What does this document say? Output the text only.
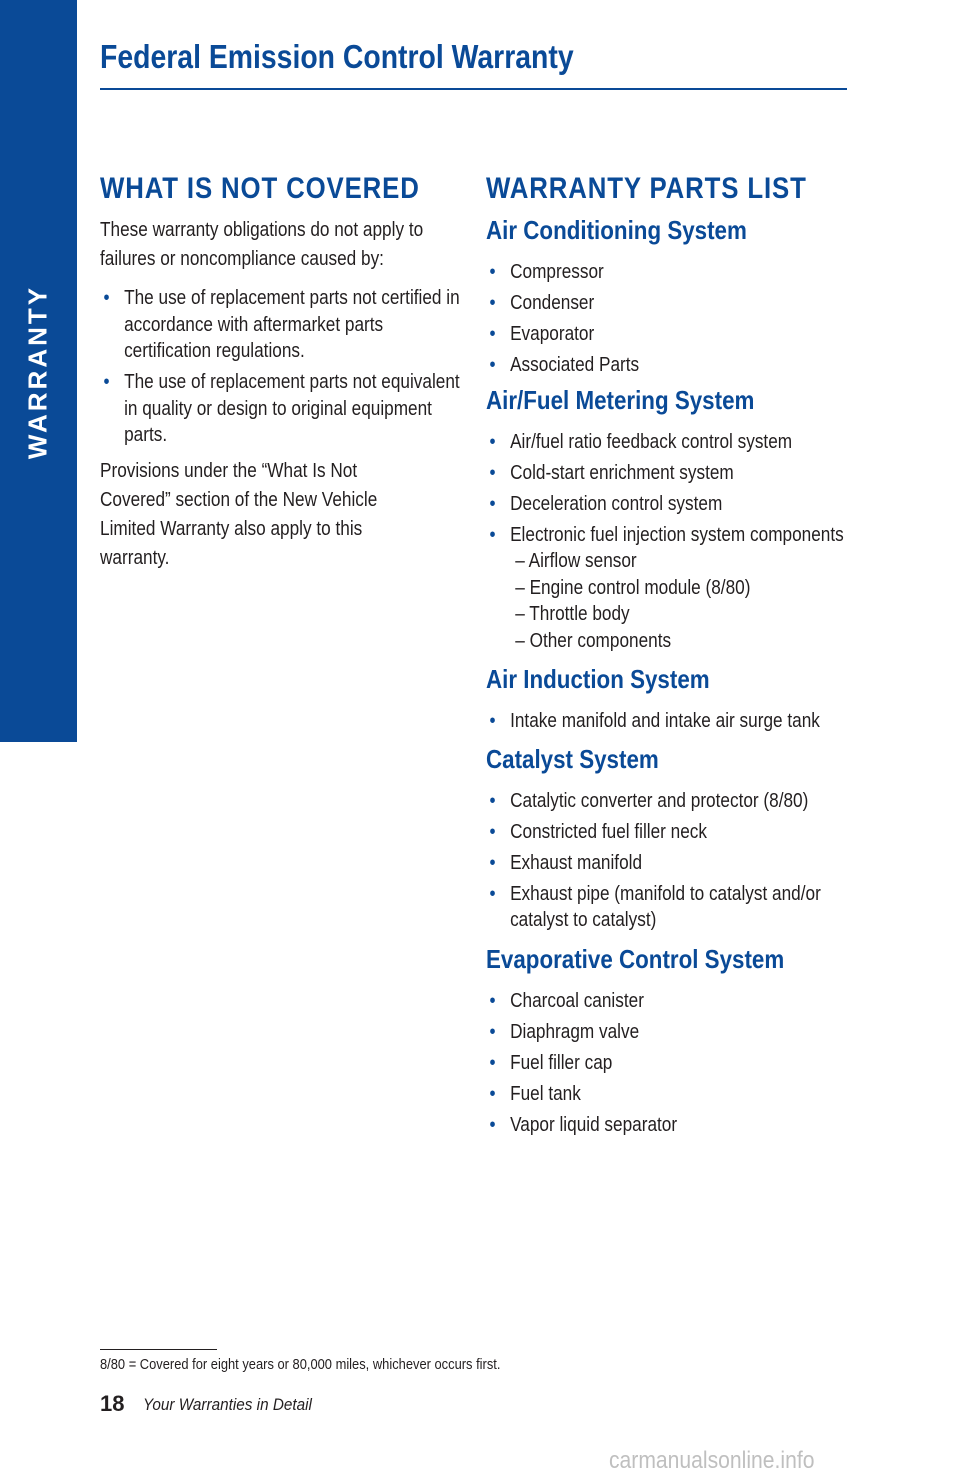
WARRANTY
Federal Emission Control Warranty
WHAT IS NOT COVERED

These warranty obligations do not apply to failures or noncompliance caused by:

• The use of replacement parts not certified in accordance with aftermarket parts certification regulations.
• The use of replacement parts not equivalent in quality or design to original equipment parts.

Provisions under the “What Is Not Covered” section of the New Vehicle Limited Warranty also apply to this warranty.

WARRANTY PARTS LIST
Air Conditioning System
• Compressor
• Condenser
• Evaporator
• Associated Parts
Air/Fuel Metering System
• Air/fuel ratio feedback control system
• Cold-start enrichment system
• Deceleration control system
• Electronic fuel injection system components
– Airflow sensor
– Engine control module (8/80)
– Throttle body
– Other components
Air Induction System
• Intake manifold and intake air surge tank
Catalyst System
• Catalytic converter and protector (8/80)
• Constricted fuel filler neck
• Exhaust manifold
• Exhaust pipe (manifold to catalyst and/or catalyst to catalyst)
Evaporative Control System
• Charcoal canister
• Diaphragm valve
• Fuel filler cap
• Fuel tank
• Vapor liquid separator
8/80 = Covered for eight years or 80,000 miles, whichever occurs first.
18 Your Warranties in Detail
carmanualsonline.info
